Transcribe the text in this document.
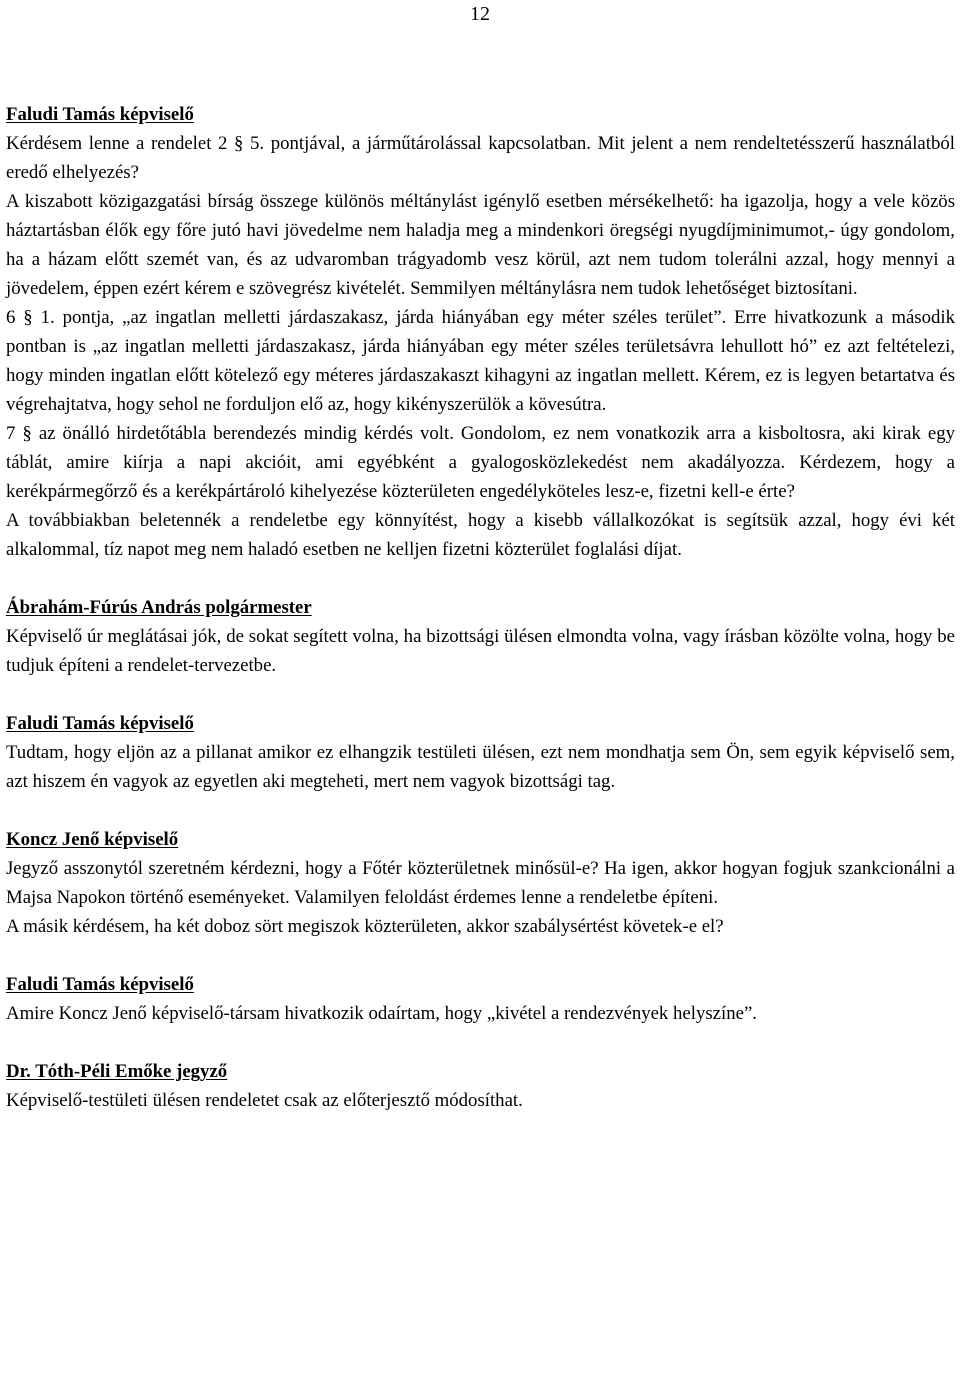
12
Faludi Tamás képviselő
Kérdésem lenne a rendelet 2 § 5. pontjával, a járműtárolással kapcsolatban. Mit jelent a nem rendeltetésszerű használatból eredő elhelyezés?
A kiszabott közigazgatási bírság összege különös méltánylást igénylő esetben mérsékelhető: ha igazolja, hogy a vele közös háztartásban élők egy főre jutó havi jövedelme nem haladja meg a mindenkori öregségi nyugdíjminimumot,- úgy gondolom, ha a házam előtt szemét van, és az udvaromban trágyadomb vesz körül, azt nem tudom tolerálni azzal, hogy mennyi a jövedelem, éppen ezért kérem e szövegrész kivételét. Semmilyen méltánylásra nem tudok lehetőséget biztosítani.
6 § 1. pontja, „az ingatlan melletti járdaszakasz, járda hiányában egy méter széles terület”. Erre hivatkozunk a második pontban is „az ingatlan melletti járdaszakasz, járda hiányában egy méter széles területsávra lehullott hó” ez azt feltételezi, hogy minden ingatlan előtt kötelező egy méteres járdaszakaszt kihagyni az ingatlan mellett. Kérem, ez is legyen betartatva és végrehajtatva, hogy sehol ne forduljon elő az, hogy kikényszerülök a kövesútra.
7 § az önálló hirdetőtábla berendezés mindig kérdés volt. Gondolom, ez nem vonatkozik arra a kisboltosra, aki kirak egy táblát, amire kiírja a napi akcióit, ami egyébként a gyalogosközlekedést nem akadályozza. Kérdezem, hogy a kerékpármegőrző és a kerékpártároló kihelyezése közterületen engedélyköteles lesz-e, fizetni kell-e érte?
A továbbiakban beletennék a rendeletbe egy könnyítést, hogy a kisebb vállalkozókat is segítsük azzal, hogy évi két alkalommal, tíz napot meg nem haladó esetben ne kelljen fizetni közterület foglalási díjat.
Ábrahám-Fúrús András polgármester
Képviselő úr meglátásai jók, de sokat segített volna, ha bizottsági ülésen elmondta volna, vagy írásban közölte volna, hogy be tudjuk építeni a rendelet-tervezetbe.
Faludi Tamás képviselő
Tudtam, hogy eljön az a pillanat amikor ez elhangzik testületi ülésen, ezt nem mondhatja sem Ön, sem egyik képviselő sem, azt hiszem én vagyok az egyetlen aki megteheti, mert nem vagyok bizottsági tag.
Koncz Jenő képviselő
Jegyző asszonytól szeretném kérdezni, hogy a Főtér közterületnek minősül-e? Ha igen, akkor hogyan fogjuk szankcionálni a Majsa Napokon történő eseményeket. Valamilyen feloldást érdemes lenne a rendeletbe építeni.
A másik kérdésem, ha két doboz sört megiszok közterületen, akkor szabálysértést követek-e el?
Faludi Tamás képviselő
Amire Koncz Jenő képviselő-társam hivatkozik odaírtam, hogy „kivétel a rendezvények helyszíne”.
Dr. Tóth-Péli Emőke jegyző
Képviselő-testületi ülésen rendeletet csak az előterjesztő módosíthat.
